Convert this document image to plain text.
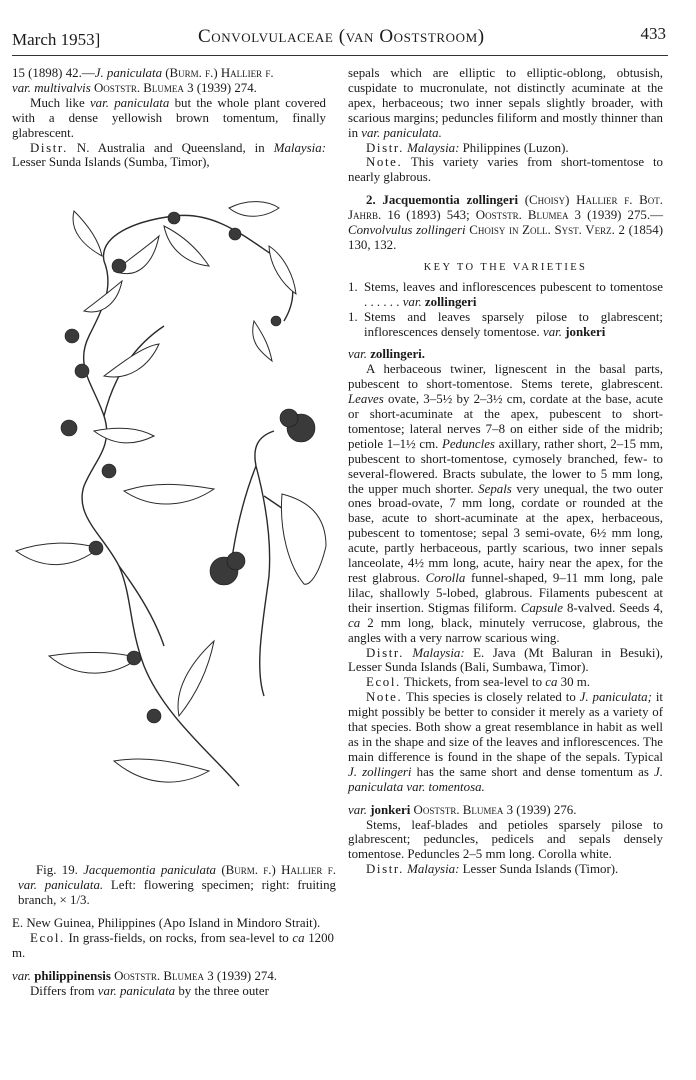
March 1953]	Convolvulaceae (van Ooststroom)	433

15 (1898) 42.—J. paniculata (Burm. f.) Hallier f.
var. multivalvis Ooststr. Blumea 3 (1939) 274.

Much like var. paniculata but the whole plant covered with a dense yellowish brown tomentum, finally glabrescent.

Distr. N. Australia and Queensland, in Malaysia: Lesser Sunda Islands (Sumba, Timor),

Fig. 19. Jacquemontia paniculata (Burm. f.) Hallier f. var. paniculata. Left: flowering specimen; right: fruiting branch, × 1/3.

E. New Guinea, Philippines (Apo Island in Mindoro Strait).

Ecol. In grass-fields, on rocks, from sea-level to ca 1200 m.

var. philippinensis Ooststr. Blumea 3 (1939) 274.

Differs from var. paniculata by the three outer

sepals which are elliptic to elliptic-oblong, obtusish, cuspidate to mucronulate, not distinctly acuminate at the apex, herbaceous; two inner sepals slightly broader, with scarious margins; peduncles filiform and mostly thinner than in var. paniculata.

Distr. Malaysia: Philippines (Luzon).

Note. This variety varies from short-tomentose to nearly glabrous.

2. Jacquemontia zollingeri (Choisy) Hallier f. Bot. Jahrb. 16 (1893) 543; Ooststr. Blumea 3 (1939) 275.—Convolvulus zollingeri Choisy in Zoll. Syst. Verz. 2 (1854) 130, 132.

KEY TO THE VARIETIES

1. Stems, leaves and inflorescences pubescent to tomentose . . . . . . var. zollingeri
1. Stems and leaves sparsely pilose to glabrescent; inflorescences densely tomentose. var. jonkeri

var. zollingeri.

A herbaceous twiner, lignescent in the basal parts, pubescent to short-tomentose. Stems terete, glabrescent. Leaves ovate, 3–5½ by 2–3½ cm, cordate at the base, acute or short-acuminate at the apex, pubescent to short-tomentose; lateral nerves 7–8 on either side of the midrib; petiole 1–1½ cm. Peduncles axillary, rather short, 2–15 mm, pubescent to short-tomentose, cymosely branched, few- to several-flowered. Bracts subulate, the lower to 5 mm long, the upper much shorter. Sepals very unequal, the two outer ones broad-ovate, 7 mm long, cordate or rounded at the base, acute to short-acuminate at the apex, herbaceous, pubescent to tomentose; sepal 3 semi-ovate, 6½ mm long, acute, partly herbaceous, partly scarious, two inner sepals lanceolate, 4½ mm long, acute, hairy near the apex, for the rest glabrous. Corolla funnel-shaped, 9–11 mm long, pale lilac, shallowly 5-lobed, glabrous. Filaments pubescent at their insertion. Stigmas filiform. Capsule 8-valved. Seeds 4, ca 2 mm long, black, minutely verrucose, glabrous, the angles with a very narrow scarious wing.

Distr. Malaysia: E. Java (Mt Baluran in Besuki), Lesser Sunda Islands (Bali, Sumbawa, Timor).

Ecol. Thickets, from sea-level to ca 30 m.

Note. This species is closely related to J. paniculata; it might possibly be better to consider it merely as a variety of that species. Both show a great resemblance in habit as well as in the shape and size of the leaves and inflorescences. The main difference is found in the shape of the sepals. Typical J. zollingeri has the same short and dense tomentum as J. paniculata var. tomentosa.

var. jonkeri Ooststr. Blumea 3 (1939) 276.

Stems, leaf-blades and petioles sparsely pilose to glabrescent; peduncles, pedicels and sepals densely tomentose. Peduncles 2–5 mm long. Corolla white.

Distr. Malaysia: Lesser Sunda Islands (Timor).
